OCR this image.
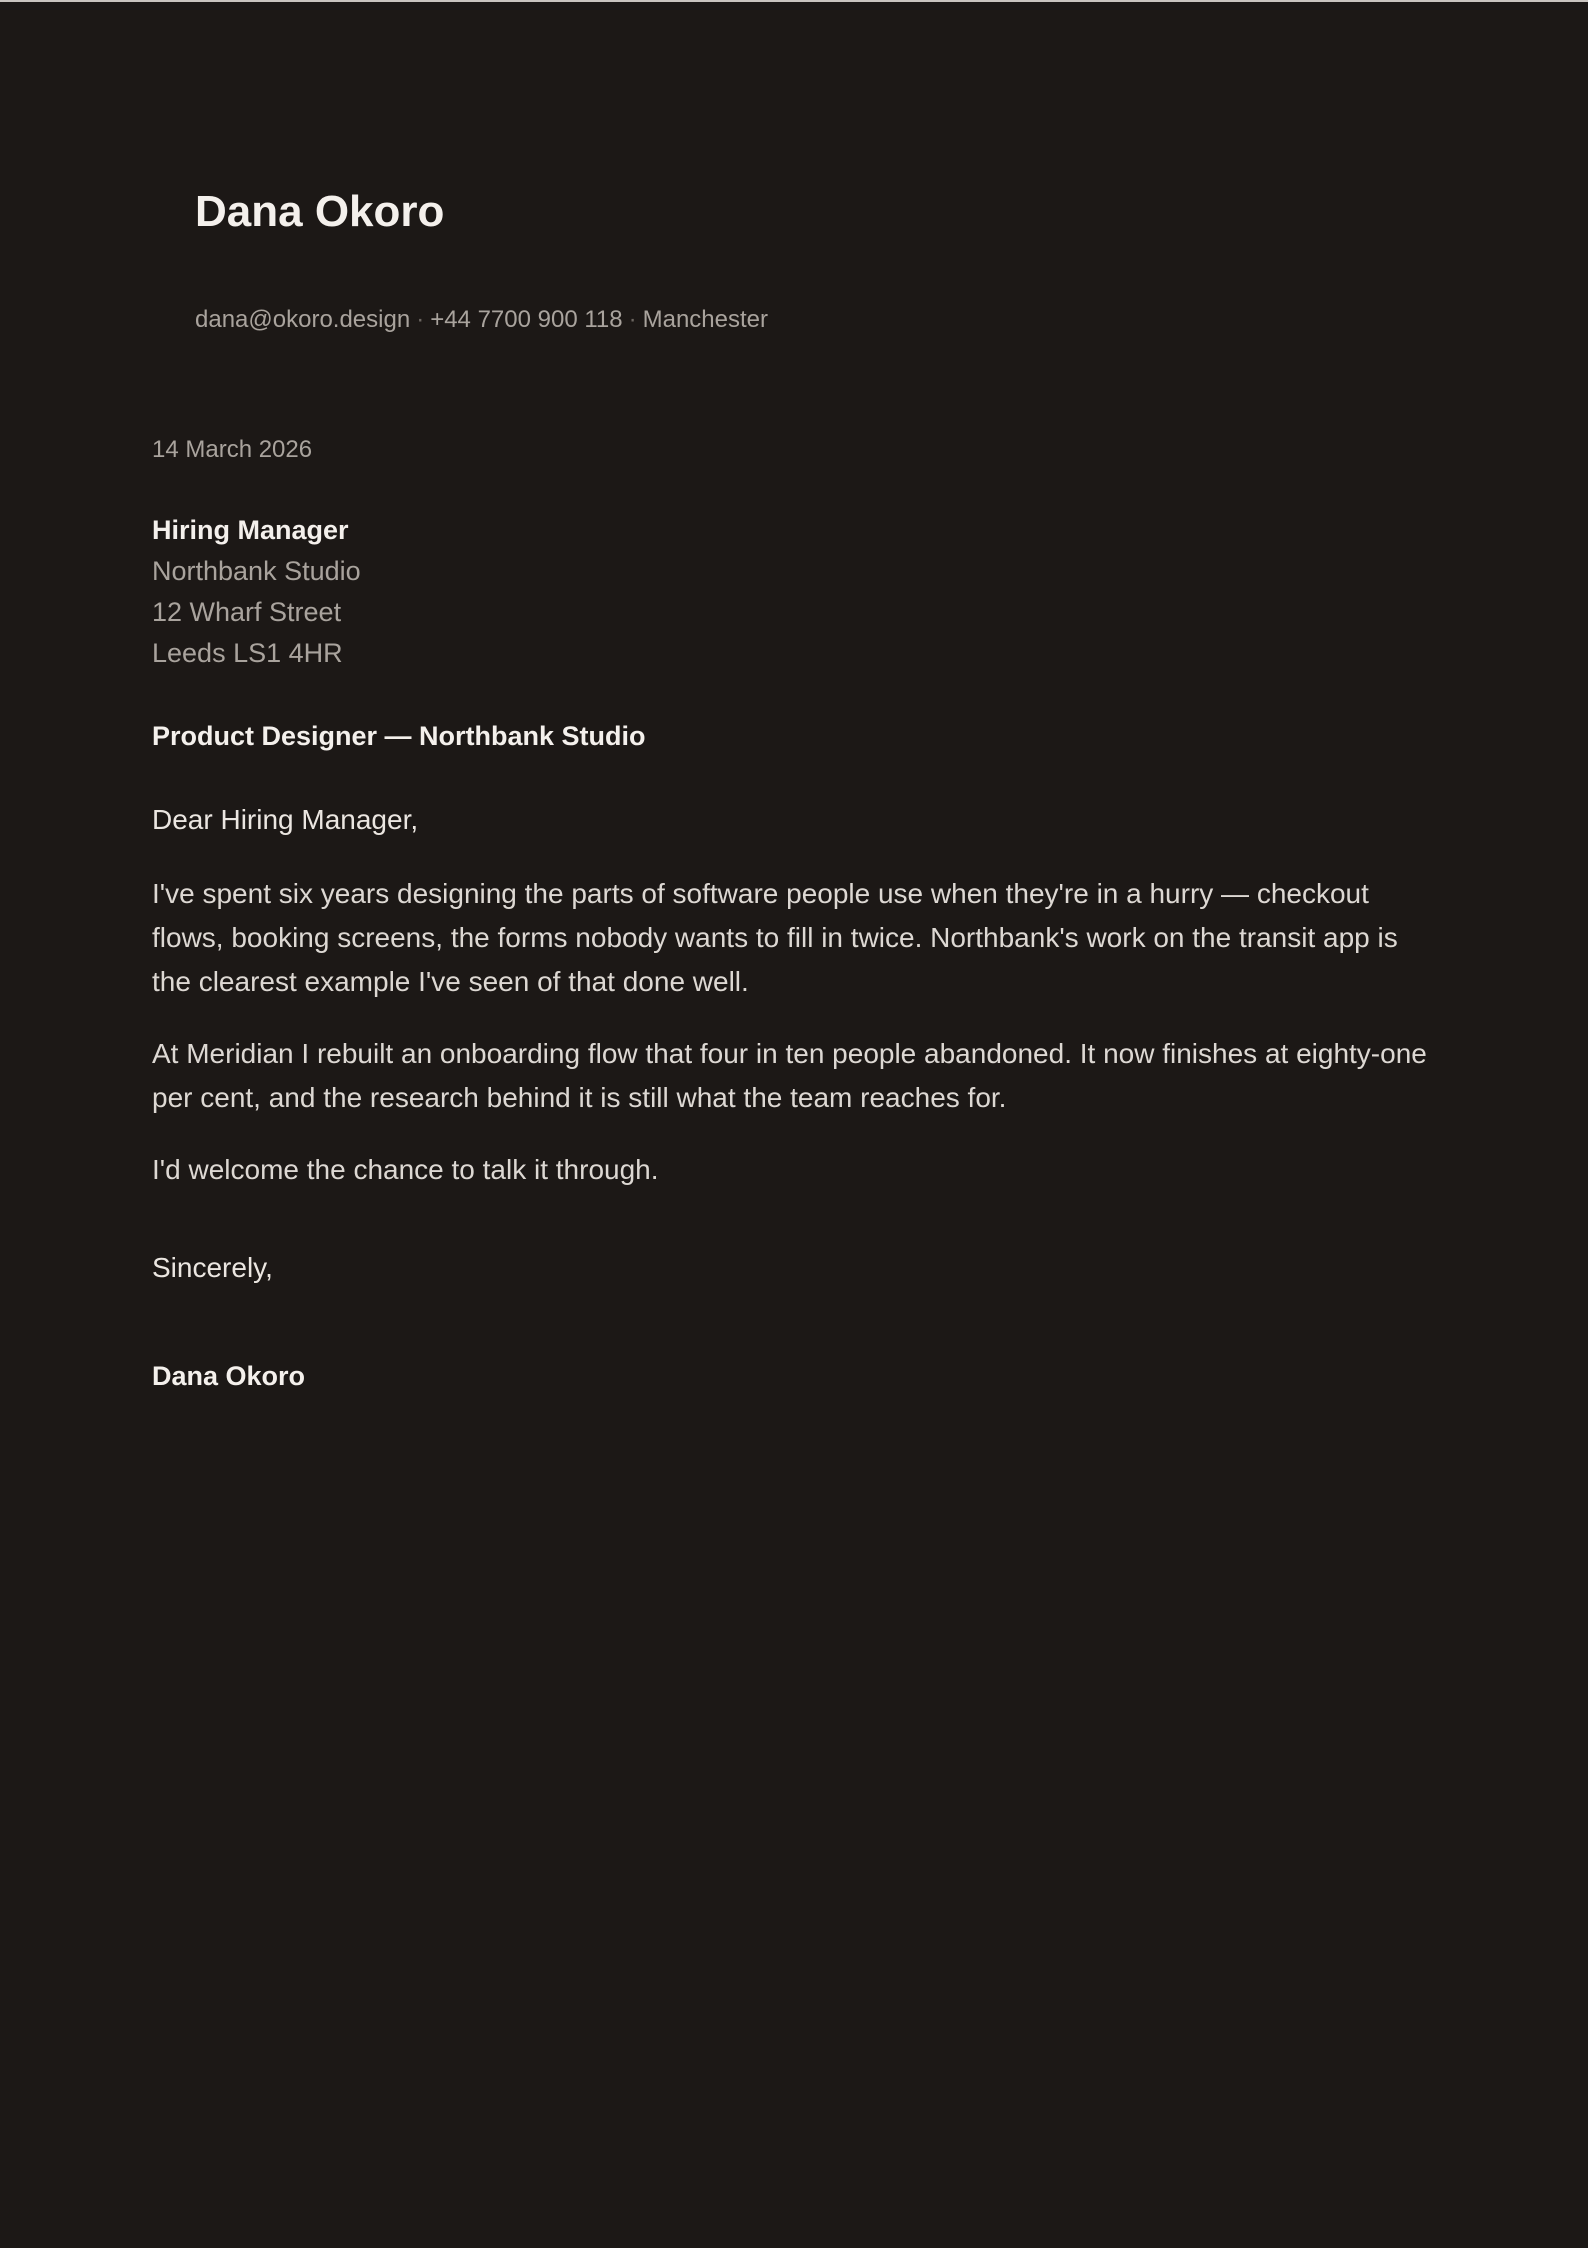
Dana Okoro
dana@okoro.design · +44 7700 900 118 · Manchester

14 March 2026

Hiring Manager
Northbank Studio
12 Wharf Street
Leeds LS1 4HR
Product Designer — Northbank Studio
Dear Hiring Manager,

I've spent six years designing the parts of software people use when they're in a hurry — checkout flows, booking screens, the forms nobody wants to fill in twice. Northbank's work on the transit app is the clearest example I've seen of that done well.

At Meridian I rebuilt an onboarding flow that four in ten people abandoned. It now finishes at eighty-one per cent, and the research behind it is still what the team reaches for.

I'd welcome the chance to talk it through.

Sincerely,
Dana Okoro
